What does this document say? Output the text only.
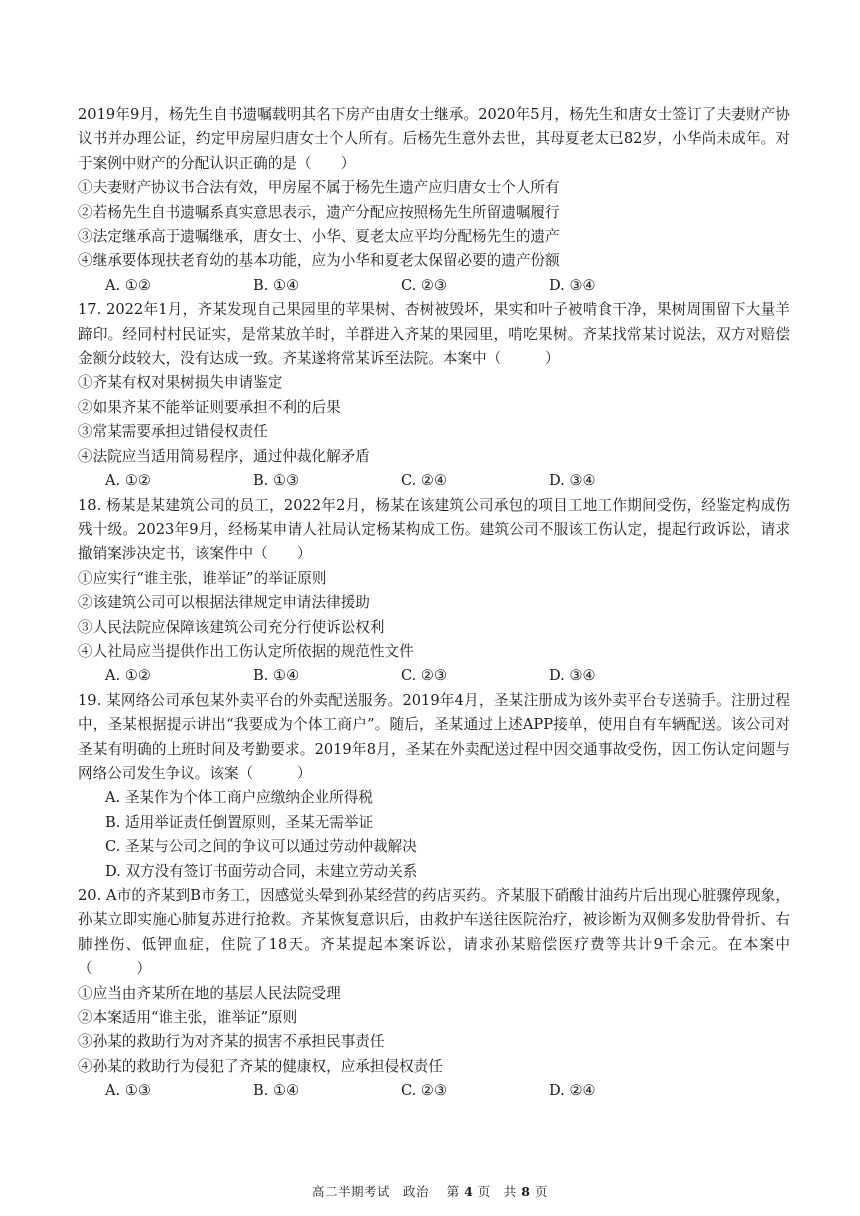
2019年9月，杨先生自书遗嘱载明其名下房产由唐女士继承。2020年5月，杨先生和唐女士签订了夫妻财产协议书并办理公证，约定甲房屋归唐女士个人所有。后杨先生意外去世，其母夏老太已82岁，小华尚未成年。对于案例中财产的分配认识正确的是（　　）

①夫妻财产协议书合法有效，甲房屋不属于杨先生遗产应归唐女士个人所有

②若杨先生自书遗嘱系真实意思表示，遗产分配应按照杨先生所留遗嘱履行

③法定继承高于遗嘱继承，唐女士、小华、夏老太应平均分配杨先生的遗产

④继承要体现扶老育幼的基本功能，应为小华和夏老太保留必要的遗产份额

A. ①②	B. ①④	C. ②③	D. ③④

17. 2022年1月，齐某发现自己果园里的苹果树、杏树被毁坏，果实和叶子被啃食干净，果树周围留下大量羊蹄印。经同村村民证实，是常某放羊时，羊群进入齐某的果园里，啃吃果树。齐某找常某讨说法，双方对赔偿金额分歧较大，没有达成一致。齐某遂将常某诉至法院。本案中（　　　）

①齐某有权对果树损失申请鉴定

②如果齐某不能举证则要承担不利的后果

③常某需要承担过错侵权责任

④法院应当适用简易程序，通过仲裁化解矛盾

A. ①②	B. ①③	C. ②④	D. ③④

18. 杨某是某建筑公司的员工，2022年2月，杨某在该建筑公司承包的项目工地工作期间受伤，经鉴定构成伤残十级。2023年9月，经杨某申请人社局认定杨某构成工伤。建筑公司不服该工伤认定，提起行政诉讼，请求撤销案涉决定书，该案件中（　　）

①应实行“谁主张，谁举证”的举证原则

②该建筑公司可以根据法律规定申请法律援助

③人民法院应保障该建筑公司充分行使诉讼权利

④人社局应当提供作出工伤认定所依据的规范性文件

A. ①②	B. ①④	C. ②③	D. ③④

19. 某网络公司承包某外卖平台的外卖配送服务。2019年4月，圣某注册成为该外卖平台专送骑手。注册过程中，圣某根据提示讲出“我要成为个体工商户”。随后，圣某通过上述APP接单，使用自有车辆配送。该公司对圣某有明确的上班时间及考勤要求。2019年8月，圣某在外卖配送过程中因交通事故受伤，因工伤认定问题与网络公司发生争议。该案（　　　）

A. 圣某作为个体工商户应缴纳企业所得税

B. 适用举证责任倒置原则，圣某无需举证

C. 圣某与公司之间的争议可以通过劳动仲裁解决

D. 双方没有签订书面劳动合同，未建立劳动关系

20. A市的齐某到B市务工，因感觉头晕到孙某经营的药店买药。齐某服下硝酸甘油药片后出现心脏骤停现象，孙某立即实施心肺复苏进行抢救。齐某恢复意识后，由救护车送往医院治疗，被诊断为双侧多发肋骨骨折、右肺挫伤、低钾血症，住院了18天。齐某提起本案诉讼，请求孙某赔偿医疗费等共计9千余元。在本案中（　　　）

①应当由齐某所在地的基层人民法院受理

②本案适用“谁主张，谁举证”原则

③孙某的救助行为对齐某的损害不承担民事责任

④孙某的救助行为侵犯了齐某的健康权，应承担侵权责任

A. ①③	B. ①④	C. ②③	D. ②④
高二半期考试　政治 　 第 4 页　共 8 页
